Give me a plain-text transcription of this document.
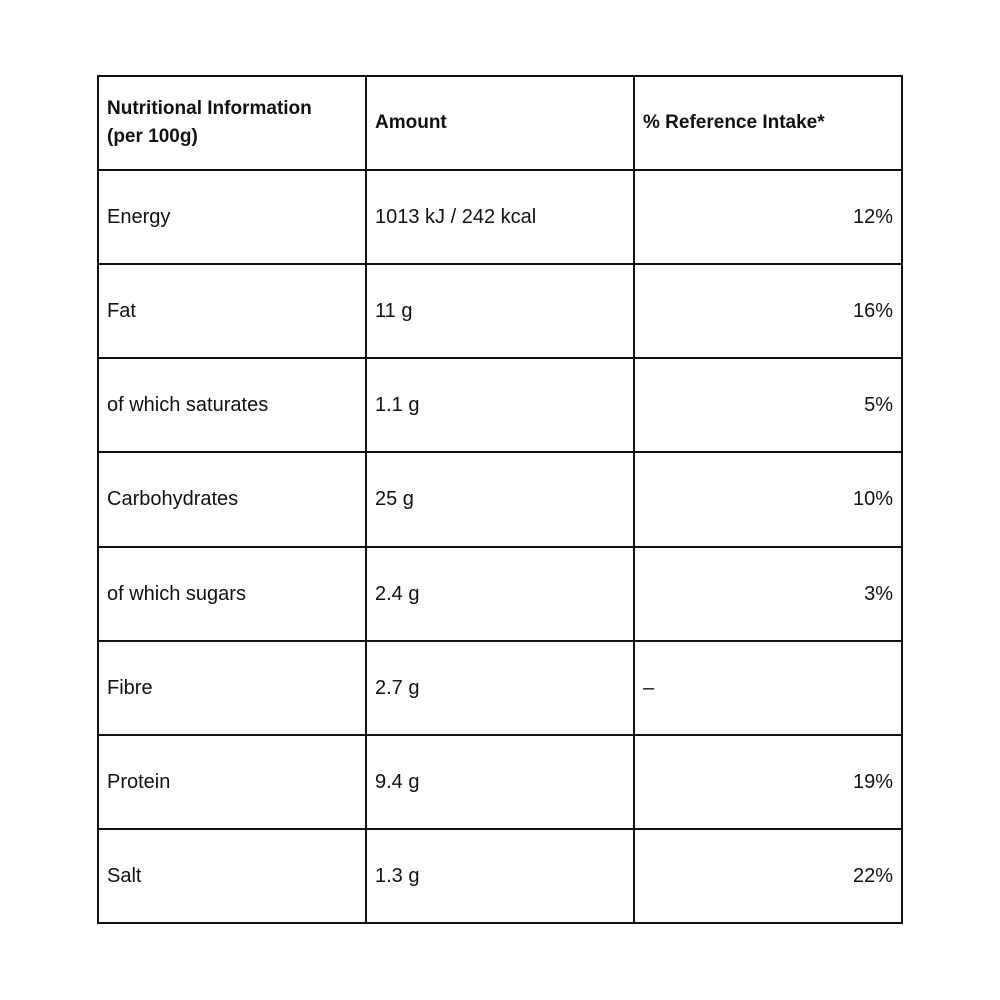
Nutritional Information
(per 100g)	Amount	% Reference Intake*
Energy	1013 kJ / 242 kcal	12%
Fat	11 g	16%
of which saturates	1.1 g	5%
Carbohydrates	25 g	10%
of which sugars	2.4 g	3%
Fibre	2.7 g	–
Protein	9.4 g	19%
Salt	1.3 g	22%
